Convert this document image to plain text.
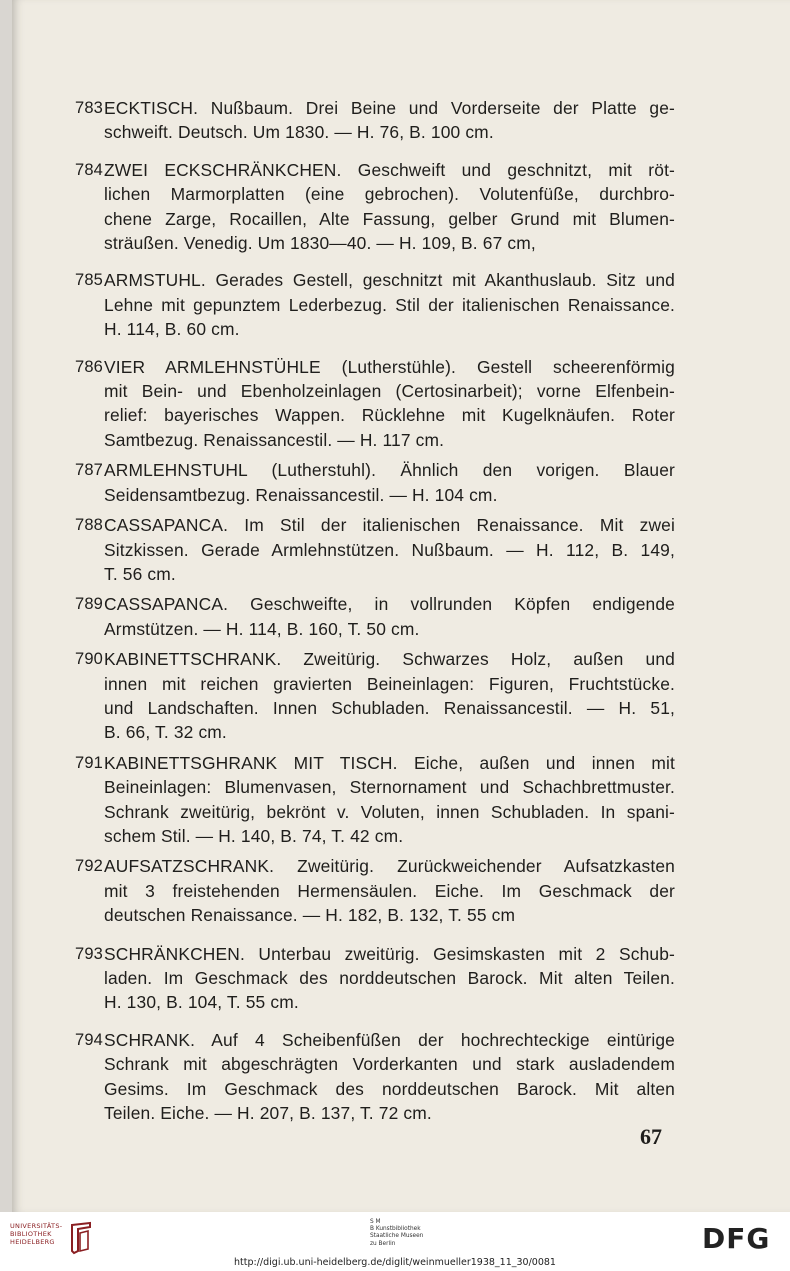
783 ECKTISCH. Nußbaum. Drei Beine und Vorderseite der Platte ge-
schweift. Deutsch. Um 1830. — H. 76, B. 100 cm.
784 ZWEI ECKSCHRÄNKCHEN. Geschweift und geschnitzt, mit röt-
lichen Marmorplatten (eine gebrochen). Volutenfüße, durchbro-
chene Zarge, Rocaillen, Alte Fassung, gelber Grund mit Blumen-
sträußen. Venedig. Um 1830—40. — H. 109, B. 67 cm,
785 ARMSTUHL. Gerades Gestell, geschnitzt mit Akanthuslaub. Sitz und
Lehne mit gepunztem Lederbezug. Stil der italienischen Renaissance.
H. 114, B. 60 cm.
786 VIER ARMLEHNSTÜHLE (Lutherstühle). Gestell scheerenförmig
mit Bein- und Ebenholzeinlagen (Certosinarbeit); vorne Elfenbein-
relief: bayerisches Wappen. Rücklehne mit Kugelknäufen. Roter
Samtbezug. Renaissancestil. — H. 117 cm.
787 ARMLEHNSTUHL (Lutherstuhl). Ähnlich den vorigen. Blauer
Seidensamtbezug. Renaissancestil. — H. 104 cm.
788 CASSAPANCA. Im Stil der italienischen Renaissance. Mit zwei
Sitzkissen. Gerade Armlehnstützen. Nußbaum. — H. 112, B. 149,
T. 56 cm.
789 CASSAPANCA. Geschweifte, in vollrunden Köpfen endigende
Armstützen. — H. 114, B. 160, T. 50 cm.
790 KABINETTSCHRANK. Zweitürig. Schwarzes Holz, außen und
innen mit reichen gravierten Beineinlagen: Figuren, Fruchtstücke.
und Landschaften. Innen Schubladen. Renaissancestil. — H. 51,
B. 66, T. 32 cm.
791 KABINETTSGHRANK MIT TISCH. Eiche, außen und innen mit
Beineinlagen: Blumenvasen, Sternornament und Schachbrettmuster.
Schrank zweitürig, bekrönt v. Voluten, innen Schubladen. In spani-
schem Stil. — H. 140, B. 74, T. 42 cm.
792 AUFSATZSCHRANK. Zweitürig. Zurückweichender Aufsatzkasten
mit 3 freistehenden Hermensäulen. Eiche. Im Geschmack der
deutschen Renaissance. — H. 182, B. 132, T. 55 cm
793 SCHRÄNKCHEN. Unterbau zweitürig. Gesimskasten mit 2 Schub-
laden. Im Geschmack des norddeutschen Barock. Mit alten Teilen.
H. 130, B. 104, T. 55 cm.
794 SCHRANK. Auf 4 Scheibenfüßen der hochrechteckige eintürige
Schrank mit abgeschrägten Vorderkanten und stark ausladendem
Gesims. Im Geschmack des norddeutschen Barock. Mit alten
Teilen. Eiche. — H. 207, B. 137, T. 72 cm.
67
UNIVERSITÄTS-
BIBLIOTHEK
HEIDELBERG
S M
B Kunstbibliothek
Staatliche Museen
zu Berlin	DFG
http://digi.ub.uni-heidelberg.de/diglit/weinmueller1938_11_30/0081
